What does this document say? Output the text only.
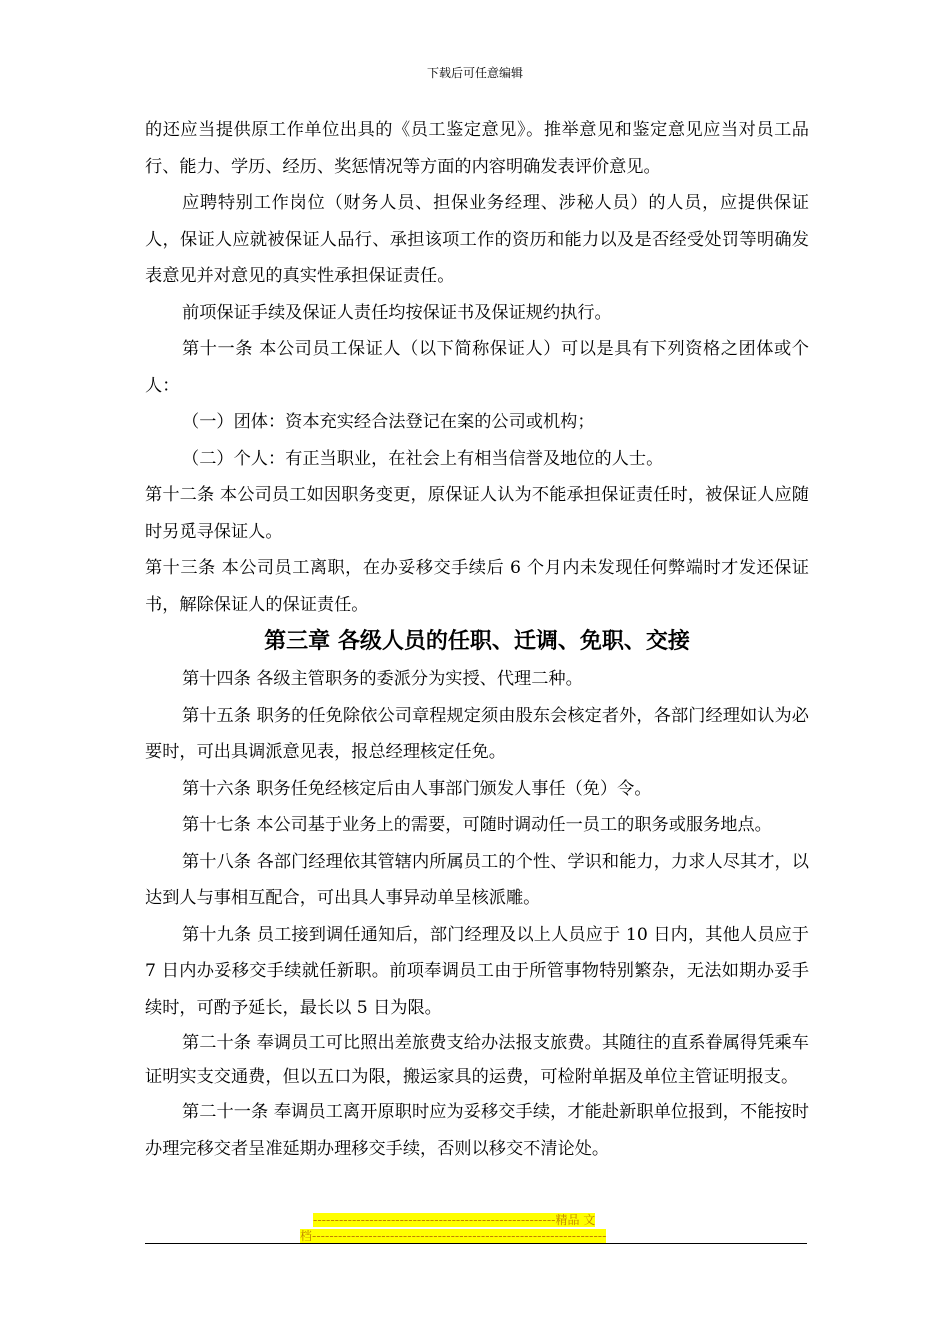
下载后可任意编辑

的还应当提供原工作单位出具的《员工鉴定意见》。推举意见和鉴定意见应当对员工品行、能力、学历、经历、奖惩情况等方面的内容明确发表评价意见。

应聘特别工作岗位（财务人员、担保业务经理、涉秘人员）的人员，应提供保证人，保证人应就被保证人品行、承担该项工作的资历和能力以及是否经受处罚等明确发表意见并对意见的真实性承担保证责任。

前项保证手续及保证人责任均按保证书及保证规约执行。

第十一条 本公司员工保证人（以下简称保证人）可以是具有下列资格之团体或个人：

（一）团体：资本充实经合法登记在案的公司或机构；

（二）个人：有正当职业，在社会上有相当信誉及地位的人士。

第十二条 本公司员工如因职务变更，原保证人认为不能承担保证责任时，被保证人应随时另觅寻保证人。

第十三条 本公司员工离职，在办妥移交手续后 6 个月内未发现任何弊端时才发还保证书，解除保证人的保证责任。

第三章 各级人员的任职、迁调、免职、交接

第十四条 各级主管职务的委派分为实授、代理二种。

第十五条 职务的任免除依公司章程规定须由股东会核定者外，各部门经理如认为必要时，可出具调派意见表，报总经理核定任免。

第十六条 职务任免经核定后由人事部门颁发人事任（免）令。

第十七条 本公司基于业务上的需要，可随时调动任一员工的职务或服务地点。

第十八条 各部门经理依其管辖内所属员工的个性、学识和能力，力求人尽其才，以达到人与事相互配合，可出具人事异动单呈核派雕。

第十九条 员工接到调任通知后，部门经理及以上人员应于 10 日内，其他人员应于 7 日内办妥移交手续就任新职。前项奉调员工由于所管事物特别繁杂，无法如期办妥手续时，可酌予延长，最长以 5 日为限。

第二十条 奉调员工可比照出差旅费支给办法报支旅费。其随往的直系眷属得凭乘车证明实支交通费，但以五口为限，搬运家具的运费，可检附单据及单位主管证明报支。

第二十一条 奉调员工离开原职时应为妥移交手续，才能赴新职单位报到，不能按时办理完移交者呈准延期办理移交手续，否则以移交不清论处。

--------------------------------------------------------精品 文
档--------------------------------------------------------------------
